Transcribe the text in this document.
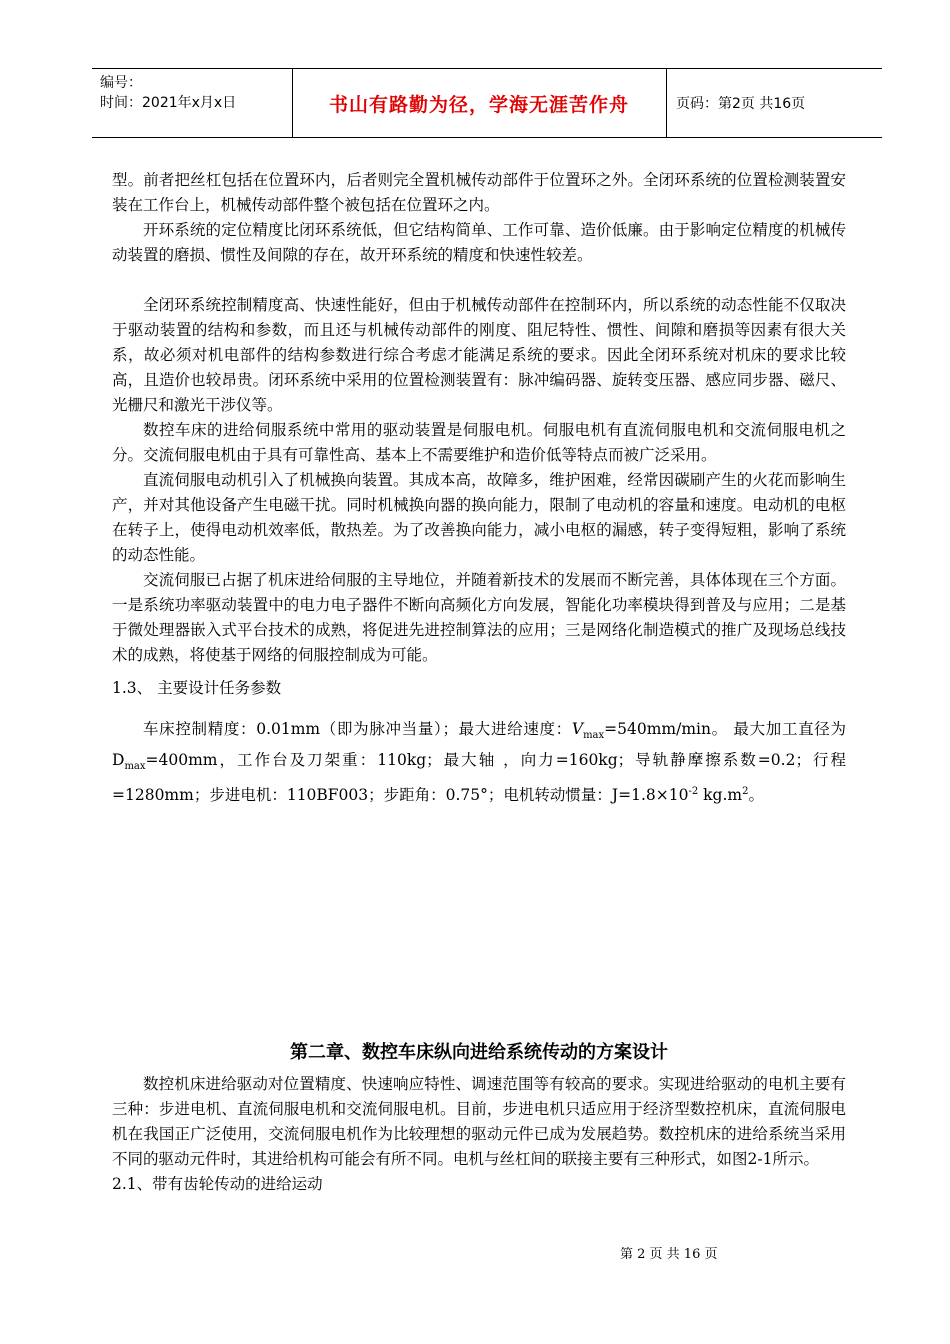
编号：
时间：2021年x月x日	书山有路勤为径，学海无涯苦作舟	页码：第2页 共16页

型。前者把丝杠包括在位置环内，后者则完全置机械传动部件于位置环之外。全闭环系统的位置检测装置安装在工作台上，机械传动部件整个被包括在位置环之内。

开环系统的定位精度比闭环系统低，但它结构简单、工作可靠、造价低廉。由于影响定位精度的机械传动装置的磨损、惯性及间隙的存在，故开环系统的精度和快速性较差。

全闭环系统控制精度高、快速性能好，但由于机械传动部件在控制环内，所以系统的动态性能不仅取决于驱动装置的结构和参数，而且还与机械传动部件的刚度、阻尼特性、惯性、间隙和磨损等因素有很大关系，故必须对机电部件的结构参数进行综合考虑才能满足系统的要求。因此全闭环系统对机床的要求比较高，且造价也较昂贵。闭环系统中采用的位置检测装置有：脉冲编码器、旋转变压器、感应同步器、磁尺、光栅尺和激光干涉仪等。

数控车床的进给伺服系统中常用的驱动装置是伺服电机。伺服电机有直流伺服电机和交流伺服电机之分。交流伺服电机由于具有可靠性高、基本上不需要维护和造价低等特点而被广泛采用。

直流伺服电动机引入了机械换向装置。其成本高，故障多，维护困难，经常因碳刷产生的火花而影响生产，并对其他设备产生电磁干扰。同时机械换向器的换向能力，限制了电动机的容量和速度。电动机的电枢在转子上，使得电动机效率低，散热差。为了改善换向能力，减小电枢的漏感，转子变得短粗，影响了系统的动态性能。

交流伺服已占据了机床进给伺服的主导地位，并随着新技术的发展而不断完善，具体体现在三个方面。一是系统功率驱动装置中的电力电子器件不断向高频化方向发展，智能化功率模块得到普及与应用；二是基于微处理器嵌入式平台技术的成熟，将促进先进控制算法的应用；三是网络化制造模式的推广及现场总线技术的成熟，将使基于网络的伺服控制成为可能。

1.3、 主要设计任务参数

车床控制精度：0.01mm（即为脉冲当量）；最大进给速度：$V_{max}=540mm/\min$。 最大加工直径为$D_{max}=400mm$，工作台及刀架重：110kg；最大轴 ，向力=160kg；导轨静摩擦系数=0.2；行程=1280mm；步进电机：110BF003；步距角：0.75°；电机转动惯量：$J=1.8\times 10^{-2}$ $kg.m^2$。

第二章、数控车床纵向进给系统传动的方案设计

数控机床进给驱动对位置精度、快速响应特性、调速范围等有较高的要求。实现进给驱动的电机主要有三种：步进电机、直流伺服电机和交流伺服电机。目前，步进电机只适应用于经济型数控机床，直流伺服电机在我国正广泛使用，交流伺服电机作为比较理想的驱动元件已成为发展趋势。数控机床的进给系统当采用不同的驱动元件时，其进给机构可能会有所不同。电机与丝杠间的联接主要有三种形式，如图2-1所示。

2.1、带有齿轮传动的进给运动

第 2 页 共 16 页
